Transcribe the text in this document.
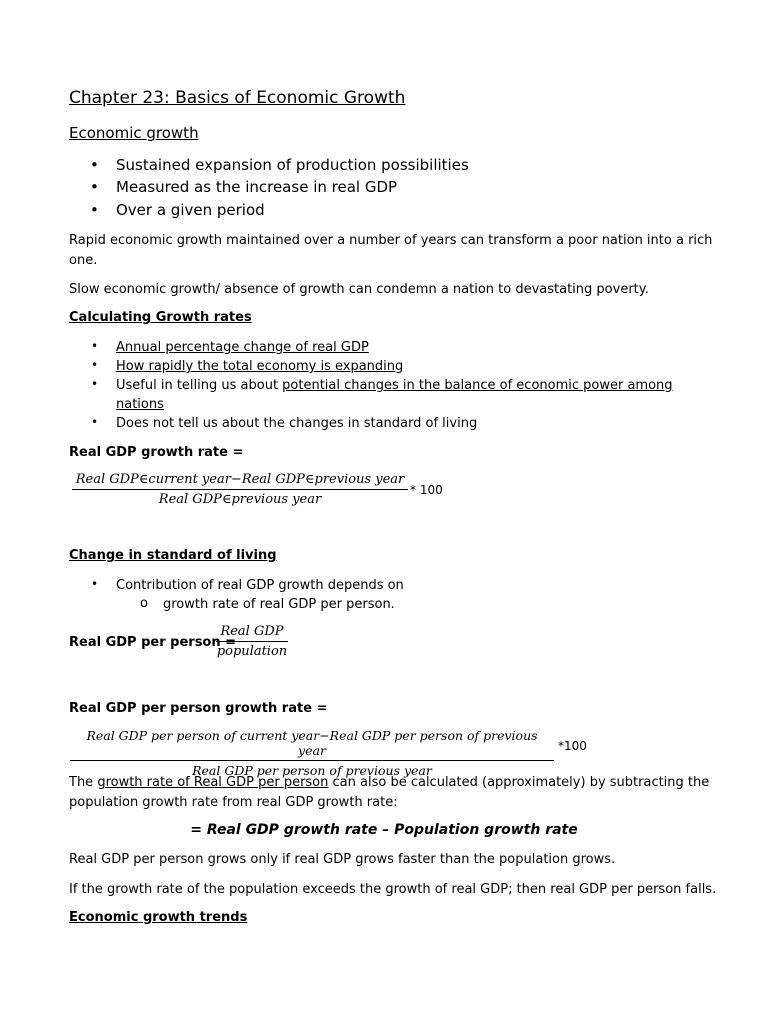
Chapter 23: Basics of Economic Growth
Economic growth
• Sustained expansion of production possibilities
• Measured as the increase in real GDP
• Over a given period
Rapid economic growth maintained over a number of years can transform a poor nation into a rich
one.
Slow economic growth/ absence of growth can condemn a nation to devastating poverty.
Calculating Growth rates
• Annual percentage change of real GDP
• How rapidly the total economy is expanding
• Useful in telling us about potential changes in the balance of economic power among
nations
• Does not tell us about the changes in standard of living
Real GDP growth rate =
Real GDP∈current year−Real GDP∈previous year
Real GDP∈previous year
* 100
Change in standard of living
• Contribution of real GDP growth depends on
o growth rate of real GDP per person.
Real GDP per person =
Real GDP
population
Real GDP per person growth rate =
Real GDP per person of current year−Real GDP per person of previous year
Real GDP per person of previous year
*100
The growth rate of Real GDP per person can also be calculated (approximately) by subtracting the
population growth rate from real GDP growth rate:
= Real GDP growth rate – Population growth rate
Real GDP per person grows only if real GDP grows faster than the population grows.
If the growth rate of the population exceeds the growth of real GDP; then real GDP per person falls.
Economic growth trends
